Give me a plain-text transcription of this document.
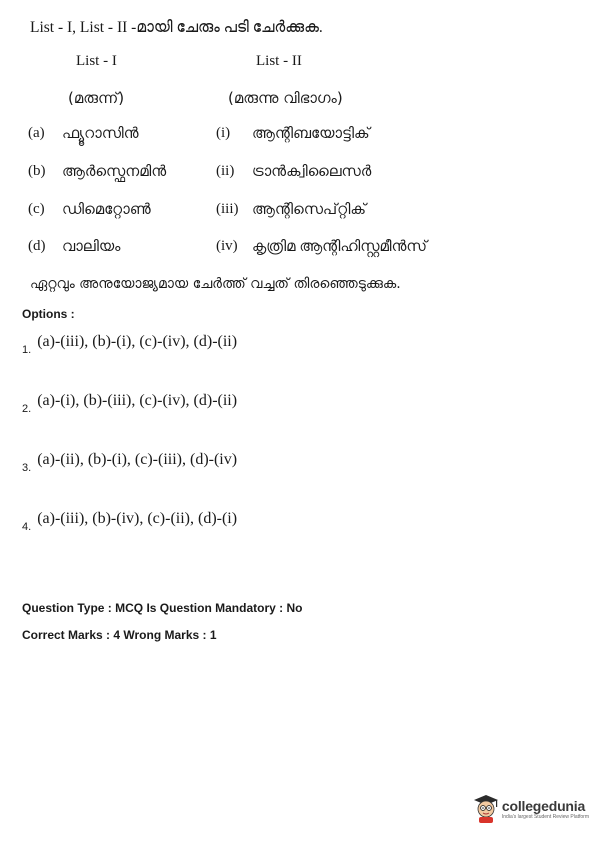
List - I, List - II -മായി ചേരും പടി ചേർക്കുക.
List - I	List - II
(മരുന്ന്)	(മരുന്നു വിഭാഗം)
(a) ഫ്യൂറാസിൻ	(i) ആന്റിബയോട്ടിക്
(b) ആർസ്ഫെനമിൻ	(ii) ട്രാൻക്വിലൈസർ
(c) ഡിമെറ്റോൺ	(iii) ആന്റിസെപ്റ്റിക്
(d) വാലിയം	(iv) കൃത്രിമ ആന്റിഹിസ്റ്റമീൻസ്
ഏറ്റവും അനുയോജ്യമായ ചേർത്ത് വച്ചത് തിരഞ്ഞെടുക്കുക.
Options :
1. (a)-(iii), (b)-(i), (c)-(iv), (d)-(ii)
2. (a)-(i), (b)-(iii), (c)-(iv), (d)-(ii)
3. (a)-(ii), (b)-(i), (c)-(iii), (d)-(iv)
4. (a)-(iii), (b)-(iv), (c)-(ii), (d)-(i)
Question Type : MCQ Is Question Mandatory : No
Correct Marks : 4 Wrong Marks : 1
collegedunia
India's largest Student Review Platform
